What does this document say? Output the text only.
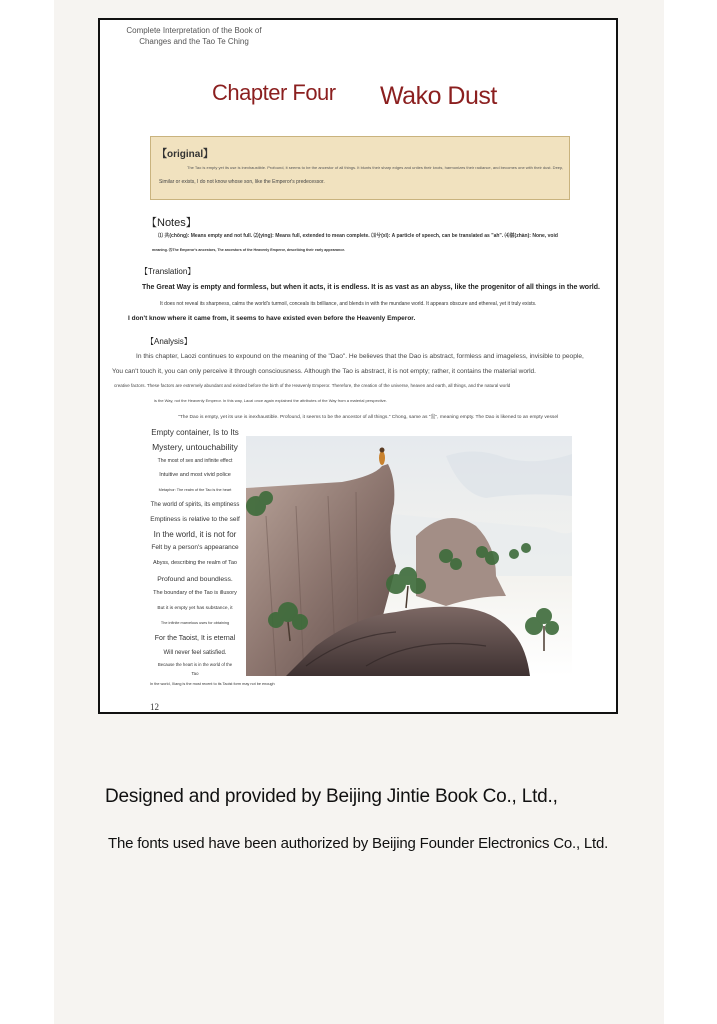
Complete Interpretation of the Book of Changes and the Tao Te Ching
Chapter Four Wako Dust
【original】
The Tao is empty yet its use is inexhaustible. Profound, it seems to be the ancestor of all things. It blunts their sharp edges and unties their knots, harmonizes their radiance, and becomes one with their dust. Deep,
Similar or exists, I do not know whose son, like the Emperor's predecessor.
【Notes】
⑴ 共(chōng): Means empty and not full. ⑵(yìng): Means full, extended to mean complete. ⑶兮(xī): A particle of speech, can be translated as "ah". ⑷湛(zhàn): None, void
meaning. ⑸The Emperor's ancestors, The ancestors of the Heavenly Emperor, describing their early appearance.
【Translation】
The Great Way is empty and formless, but when it acts, it is endless. It is as vast as an abyss, like the progenitor of all things in the world.
It does not reveal its sharpness, calms the world's turmoil, conceals its brilliance, and blends in with the mundane world. It appears obscure and ethereal, yet it truly exists.
I don't know where it came from, it seems to have existed even before the Heavenly Emperor.
【Analysis】
In this chapter, Laozi continues to expound on the meaning of the "Dao". He believes that the Dao is abstract, formless and imageless, invisible to people,
You can't touch it, you can only perceive it through consciousness. Although the Tao is abstract, it is not empty; rather, it contains the material world.
creative factors. These factors are extremely abundant and existed before the birth of the Heavenly Emperor. Therefore, the creation of the universe, heaven and earth, all things, and the natural world
is the Way, not the Heavenly Emperor. In this way, Laozi once again explained the attributes of the Way from a material perspective.
"The Dao is empty, yet its use is inexhaustible. Profound, it seems to be the ancestor of all things." Chong, same as "盅", meaning empty. The Dao is likened to an empty vessel
Empty container, Is to Its
Mystery, untouchability
The most of sex and infinite effect
Intuitive and most vivid police
Metaphor: The realm of the Tao is the heart
The world of spirits, its emptiness
Emptiness is relative to the self
In the world, it is not for
Felt by a person's appearance
Abyss, describing the realm of Tao
Profound and boundless.
The boundary of the Tao is illusory
But it is empty yet has substance, it
The infinite marvelous uses for obtaining
For the Taoist, It is eternal
Will never feel satisfied.
Because the heart is in the world of the
Tao
In the world, Xiang is the most recent to its Taoist form may not be enough
12
Designed and provided by Beijing Jintie Book Co., Ltd.,
The fonts used have been authorized by Beijing Founder Electronics Co., Ltd.
